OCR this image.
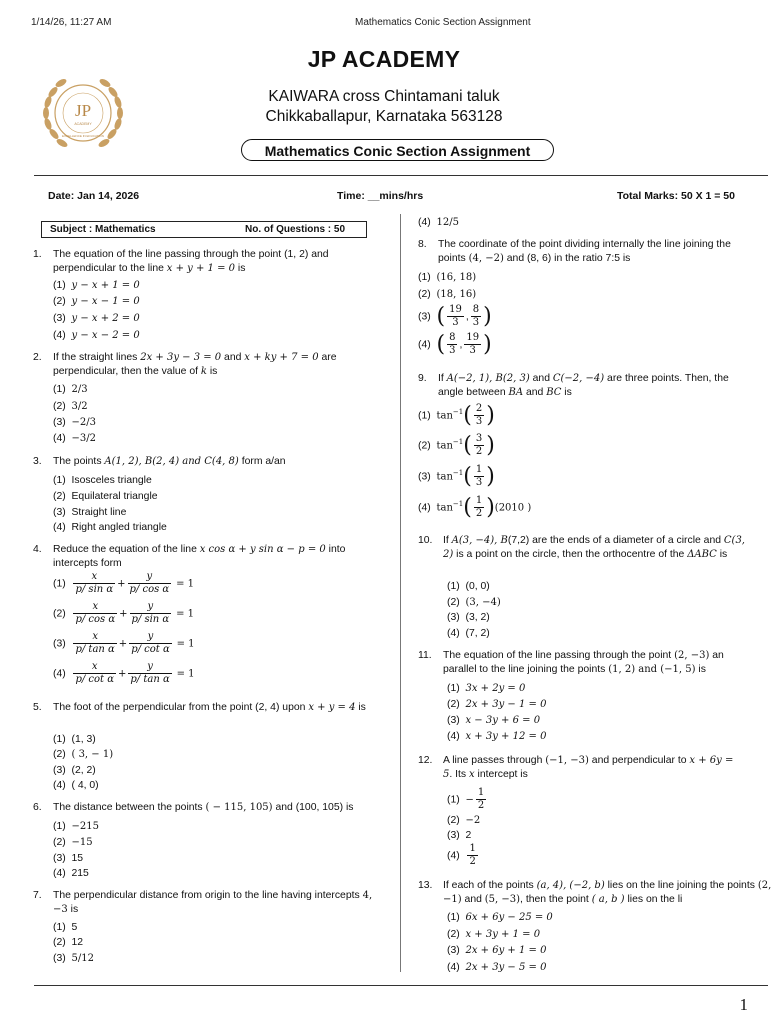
1/14/26, 11:27 AM	Mathematics Conic Section Assignment
JP
ACADEMY
EXCELLENCE IN EDUCATION
JP ACADEMY
KAIWARA cross Chintamani taluk
Chikkaballapur, Karnataka 563128
Mathematics Conic Section Assignment
Date: Jan 14, 2026	Time: __mins/hrs	Total Marks: 50 X 1 = 50
Subject : Mathematics	No. of Questions : 50
1. The equation of the line passing through the point (1, 2) and perpendicular to the line x + y + 1 = 0 is
(1) y − x + 1 = 0
(2) y − x − 1 = 0
(3) y − x + 2 = 0
(4) y − x − 2 = 0
2. If the straight lines 2x + 3y − 3 = 0 and x + ky + 7 = 0 are perpendicular, then the value of k is
(1) 2/3
(2) 3/2
(3) −2/3
(4) −3/2
3. The points A(1, 2), B(2, 4) and C(4, 8) form a/an
(1) Isosceles triangle
(2) Equilateral triangle
(3) Straight line
(4) Right angled triangle
4. Reduce the equation of the line x cos α + y sin α − p = 0 into intercepts form
$(1) \frac{x}{\text{p/ sin α}} + \frac{y}{\text{p/ cos α}} = 1$
$(2) \frac{x}{\text{p/ cos α}} + \frac{y}{\text{p/ sin α}} = 1$
$(3) \frac{x}{\text{p/ tan α}} + \frac{y}{\text{p/ cot α}} = 1$
$(4) \frac{x}{\text{p/ cot α}} + \frac{y}{\text{p/ tan α}} = 1$
5. The foot of the perpendicular from the point (2, 4) upon x + y = 4 is
(1) (1, 3)
(2) ( 3, − 1)
(3) (2, 2)
(4) ( 4, 0)
6. The distance between the points ( − 115, 105) and (100, 105) is
(1) −215
(2) −15
(3) 15
(4) 215
7. The perpendicular distance from origin to the line having intercepts 4, −3 is
(1) 5
(2) 12
(3) 5/12
(4) 12/5
8. The coordinate of the point dividing internally the line joining the points (4, −2) and (8, 6) in the ratio 7:5 is
(1) (16, 18)
(2) (18, 16)
(3) ( $\frac{19}{3}$ , $\frac{8}{3}$ )
(4) ( $\frac{8}{3}$ , $\frac{19}{3}$ )
9. If A(−2, 1), B(2, 3) and C(−2, −4) are three points. Then, the angle between BA and BC is
(1) $\tan^{-1}( \frac{2}{3}$ )
(2) $\tan^{-1}( \frac{3}{2}$ )
(3) $\tan^{-1}( \frac{1}{3}$ )
(4) $\tan^{-1}( \frac{1}{2} )(2010$ )
10. If A(3, −4), B(7,2) are the ends of a diameter of a circle and C(3, 2) is a point on the circle, then the orthocentre of the ΔABC is
(1) (0, 0)
(2) (3, −4)
(3) (3, 2)
(4) (7, 2)
11. The equation of the line passing through the point (2, −3) an parallel to the line joining the points (1, 2) and (−1, 5) is
(1) 3x + 2y = 0
(2) 2x + 3y − 1 = 0
(3) x − 3y + 6 = 0
(4) x + 3y + 12 = 0
12. A line passes through (−1, −3) and perpendicular to x + 6y = 5. Its x intercept is
$(1) - \frac{1}{2}$
(2) −2
(3) 2
$(4) \frac{1}{2}$
13. If each of the points (a, 4), (−2, b) lies on the line joining the points (2, −1) and (5, −3), then the point ( a, b ) lies on the li
(1) 6x + 6y − 25 = 0
(2) x + 3y + 1 = 0
(3) 2x + 6y + 1 = 0
(4) 2x + 3y − 5 = 0
1
